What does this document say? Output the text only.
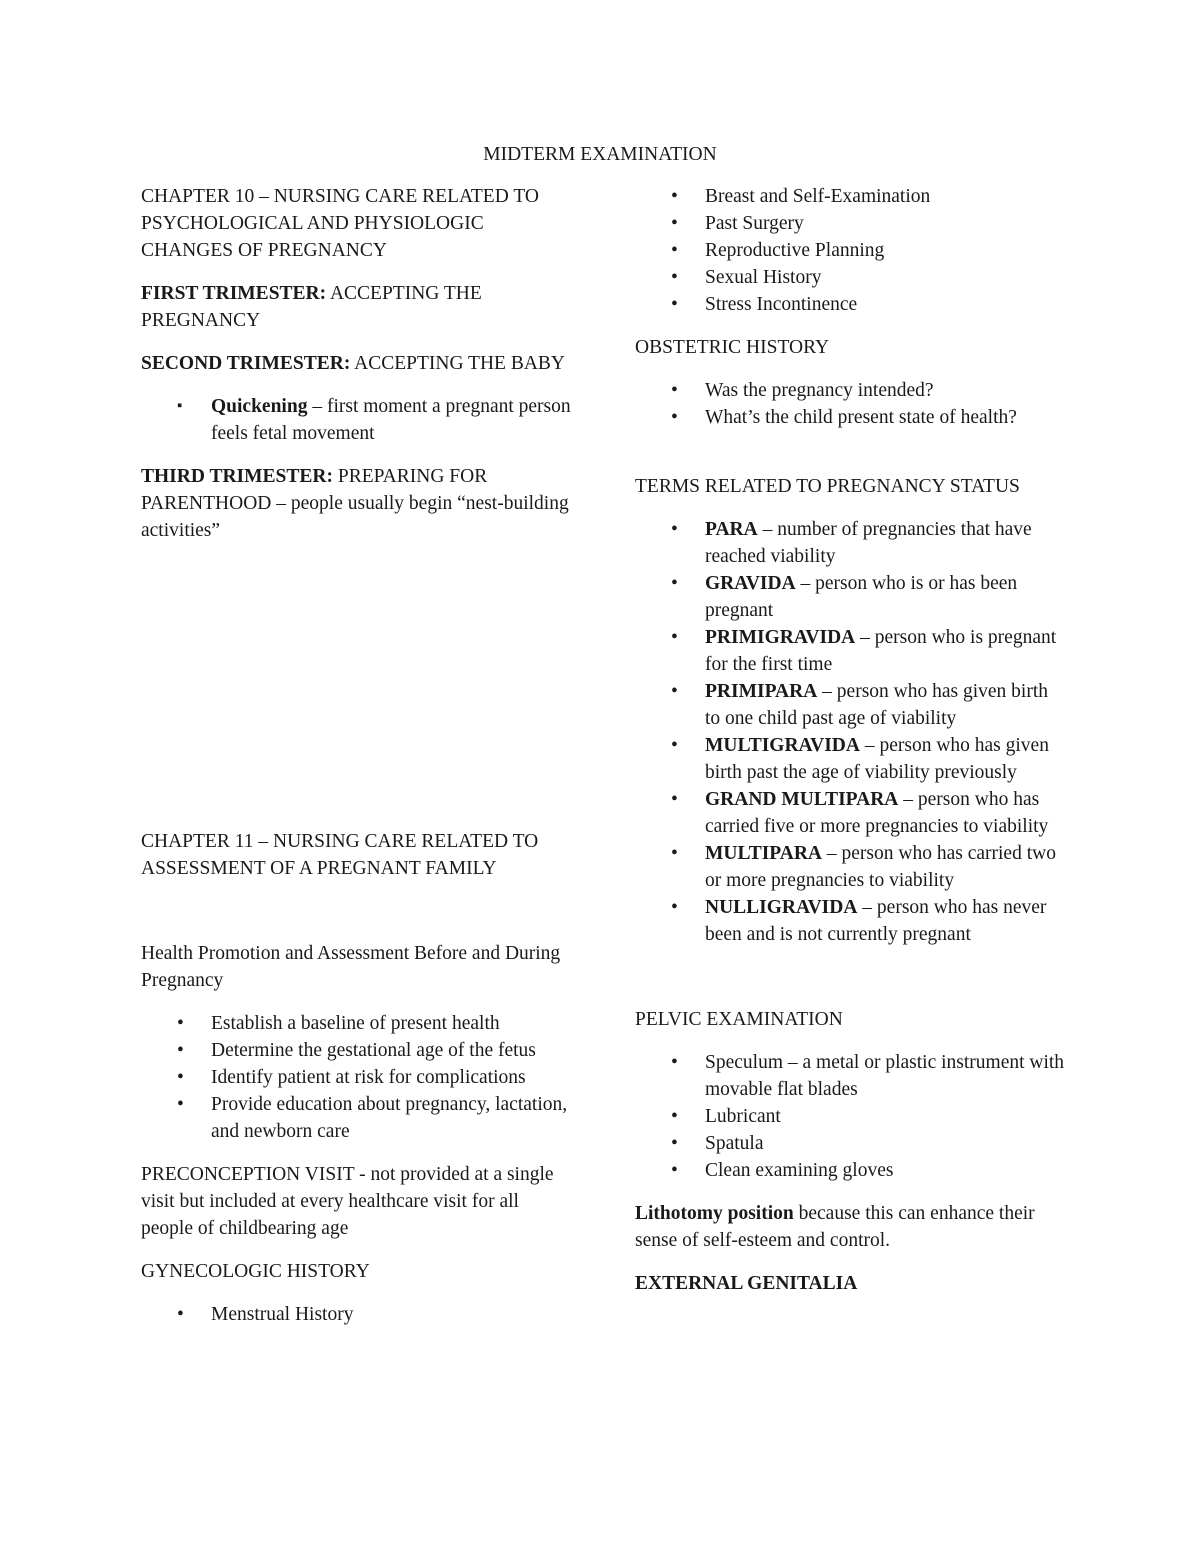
MIDTERM EXAMINATION

CHAPTER 10 – NURSING CARE RELATED TO PSYCHOLOGICAL AND PHYSIOLOGIC CHANGES OF PREGNANCY

FIRST TRIMESTER: ACCEPTING THE PREGNANCY

SECOND TRIMESTER: ACCEPTING THE BABY

▪	Quickening – first moment a pregnant person feels fetal movement

THIRD TRIMESTER: PREPARING FOR PARENTHOOD – people usually begin “nest-building activities”

CHAPTER 11 – NURSING CARE RELATED TO ASSESSMENT OF A PREGNANT FAMILY

Health Promotion and Assessment Before and During Pregnancy

•	Establish a baseline of present health
•	Determine the gestational age of the fetus
•	Identify patient at risk for complications
•	Provide education about pregnancy, lactation, and newborn care

PRECONCEPTION VISIT - not provided at a single visit but included at every healthcare visit for all people of childbearing age

GYNECOLOGIC HISTORY

•	Menstrual History
•	Breast and Self-Examination
•	Past Surgery
•	Reproductive Planning
•	Sexual History
•	Stress Incontinence

OBSTETRIC HISTORY

•	Was the pregnancy intended?
•	What’s the child present state of health?

TERMS RELATED TO PREGNANCY STATUS

•	PARA – number of pregnancies that have reached viability
•	GRAVIDA – person who is or has been pregnant
•	PRIMIGRAVIDA – person who is pregnant for the first time
•	PRIMIPARA – person who has given birth to one child past age of viability
•	MULTIGRAVIDA – person who has given birth past the age of viability previously
•	GRAND MULTIPARA – person who has carried five or more pregnancies to viability
•	MULTIPARA – person who has carried two or more pregnancies to viability
•	NULLIGRAVIDA – person who has never been and is not currently pregnant

PELVIC EXAMINATION

•	Speculum – a metal or plastic instrument with movable flat blades
•	Lubricant
•	Spatula
•	Clean examining gloves

Lithotomy position because this can enhance their sense of self-esteem and control.

EXTERNAL GENITALIA
